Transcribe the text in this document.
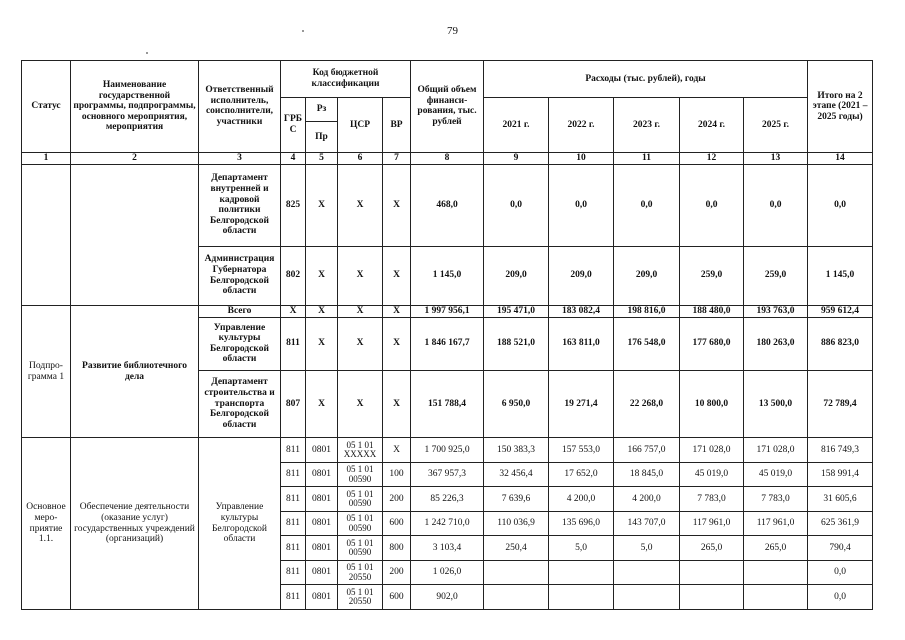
79
Статус	Наименование государственной программы, подпрограммы, основного мероприятия, мероприятия	Ответственный исполнитель, соисполнители, участники	Код бюджетной классификации				Общий объем финанси-рования, тыс. рублей	Расходы (тыс. рублей), годы					Итого на 2 этапе (2021 – 2025 годы)
			ГРБ С	Рз	ЦСР	ВР		2021 г.	2022 г.	2023 г.	2024 г.	2025 г.	
				Пр									
1	2	3	4	5	6	7	8	9	10	11	12	13	14
		Департамент внутренней и кадровой политики Белгородской области	825	Х	Х	Х	468,0	0,0	0,0	0,0	0,0	0,0	0,0
		Администрация Губернатора Белгородской области	802	Х	Х	Х	1 145,0	209,0	209,0	209,0	259,0	259,0	1 145,0
Подпро-грамма 1	Развитие библиотечного дела	Всего	Х	Х	Х	Х	1 997 956,1	195 471,0	183 082,4	198 816,0	188 480,0	193 763,0	959 612,4
		Управление культуры Белгородской области	811	Х	Х	Х	1 846 167,7	188 521,0	163 811,0	176 548,0	177 680,0	180 263,0	886 823,0
		Департамент строительства и транспорта Белгородской области	807	Х	Х	Х	151 788,4	6 950,0	19 271,4	22 268,0	10 800,0	13 500,0	72 789,4
Основное меро-приятие 1.1.	Обеспечение деятельности (оказание услуг) государственных учреждений (организаций)	Управление культуры Белгородской области	811	0801	05 1 01 ХХХХХ	Х	1 700 925,0	150 383,3	157 553,0	166 757,0	171 028,0	171 028,0	816 749,3
			811	0801	05 1 01 00590	100	367 957,3	32 456,4	17 652,0	18 845,0	45 019,0	45 019,0	158 991,4
			811	0801	05 1 01 00590	200	85 226,3	7 639,6	4 200,0	4 200,0	7 783,0	7 783,0	31 605,6
			811	0801	05 1 01 00590	600	1 242 710,0	110 036,9	135 696,0	143 707,0	117 961,0	117 961,0	625 361,9
			811	0801	05 1 01 00590	800	3 103,4	250,4	5,0	5,0	265,0	265,0	790,4
			811	0801	05 1 01 20550	200	1 026,0						0,0
			811	0801	05 1 01 20550	600	902,0						0,0
